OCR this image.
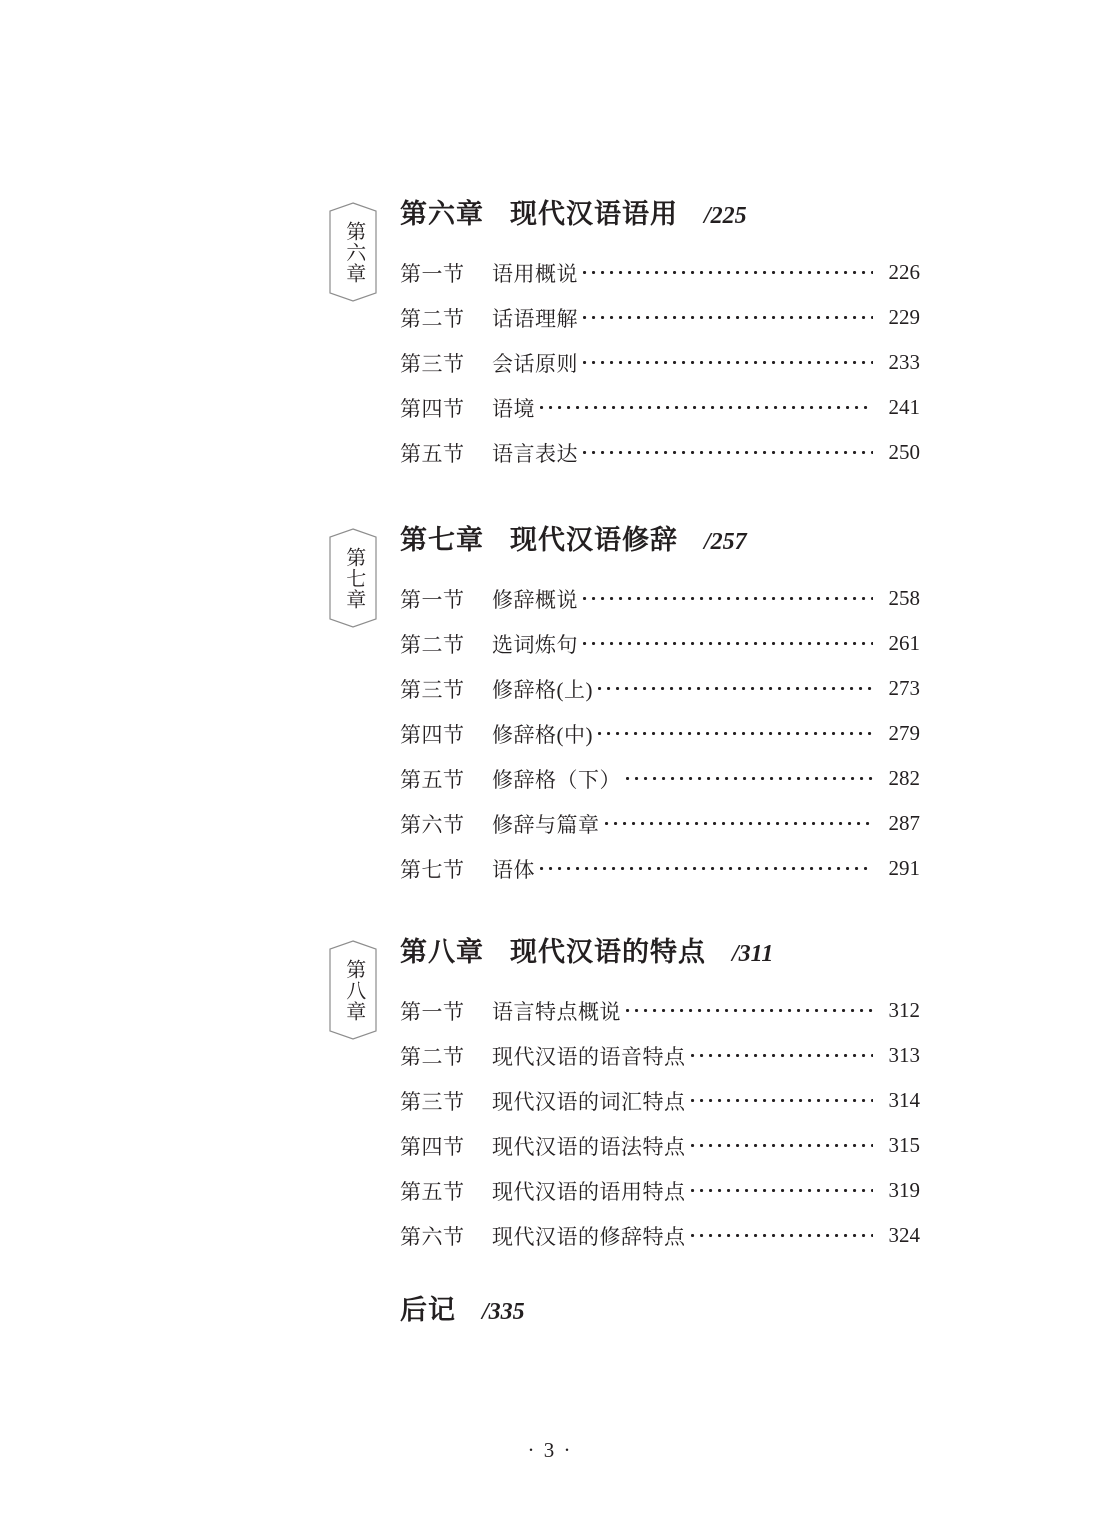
第六章
第六章 现代汉语语用 /225
第一节	语用概说	226
第二节	话语理解	229
第三节	会话原则	233
第四节	语境	241
第五节	语言表达	250
第七章
第七章 现代汉语修辞 /257
第一节	修辞概说	258
第二节	选词炼句	261
第三节	修辞格(上)	273
第四节	修辞格(中)	279
第五节	修辞格（下）	282
第六节	修辞与篇章	287
第七节	语体	291
第八章
第八章 现代汉语的特点 /311
第一节	语言特点概说	312
第二节	现代汉语的语音特点	313
第三节	现代汉语的词汇特点	314
第四节	现代汉语的语法特点	315
第五节	现代汉语的语用特点	319
第六节	现代汉语的修辞特点	324
后记 /335
· 3 ·
